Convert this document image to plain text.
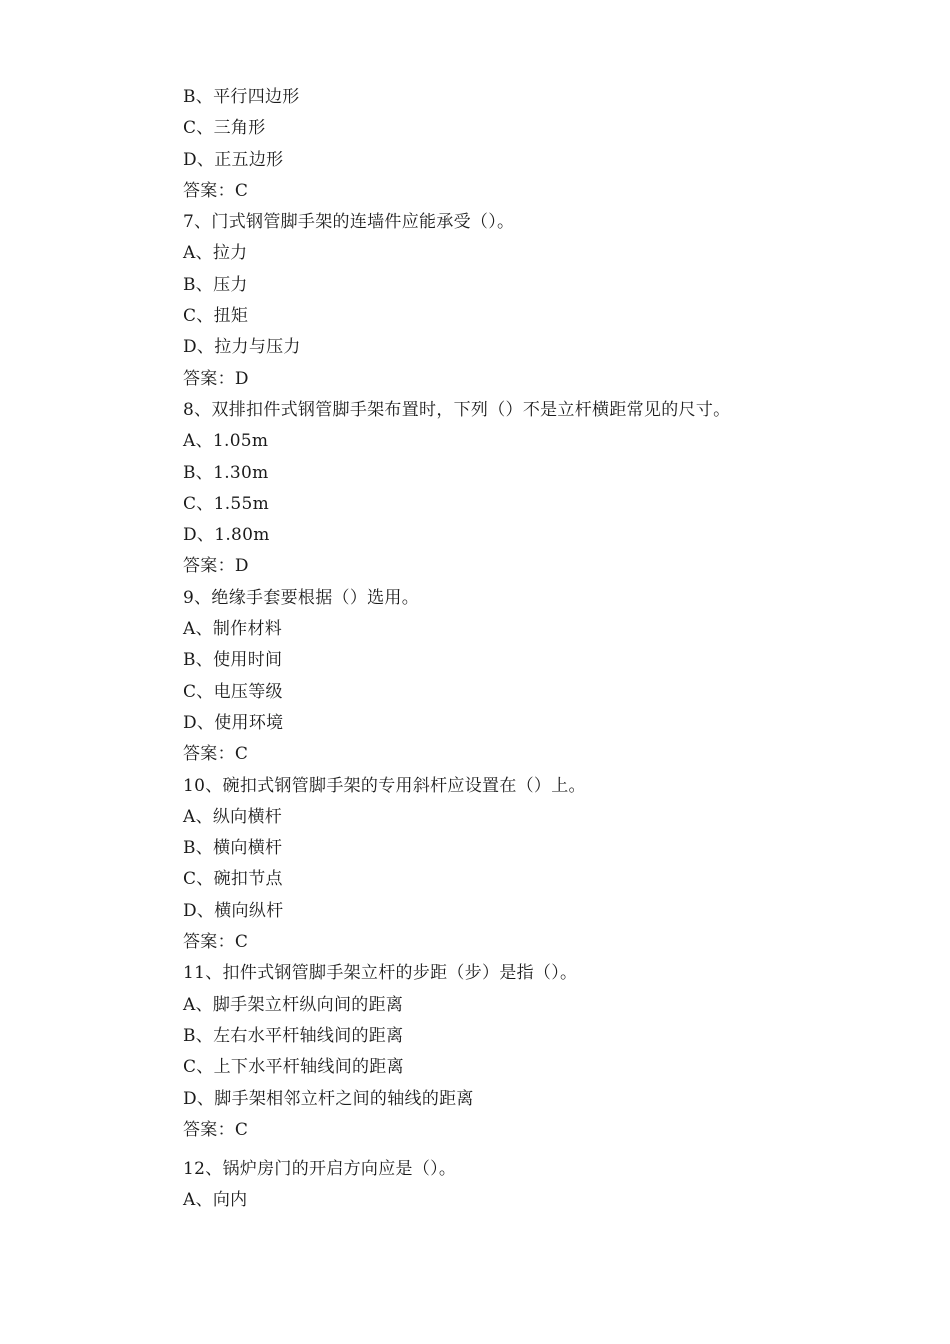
B、平行四边形
C、三角形
D、正五边形
答案：C
7、门式钢管脚手架的连墙件应能承受（）。
A、拉力
B、压力
C、扭矩
D、拉力与压力
答案：D
8、双排扣件式钢管脚手架布置时，下列（）不是立杆横距常见的尺寸。
A、1.05m
B、1.30m
C、1.55m
D、1.80m
答案：D
9、绝缘手套要根据（）选用。
A、制作材料
B、使用时间
C、电压等级
D、使用环境
答案：C
10、碗扣式钢管脚手架的专用斜杆应设置在（）上。
A、纵向横杆
B、横向横杆
C、碗扣节点
D、横向纵杆
答案：C
11、扣件式钢管脚手架立杆的步距（步）是指（）。
A、脚手架立杆纵向间的距离
B、左右水平杆轴线间的距离
C、上下水平杆轴线间的距离
D、脚手架相邻立杆之间的轴线的距离
答案：C
12、锅炉房门的开启方向应是（）。
A、向内
